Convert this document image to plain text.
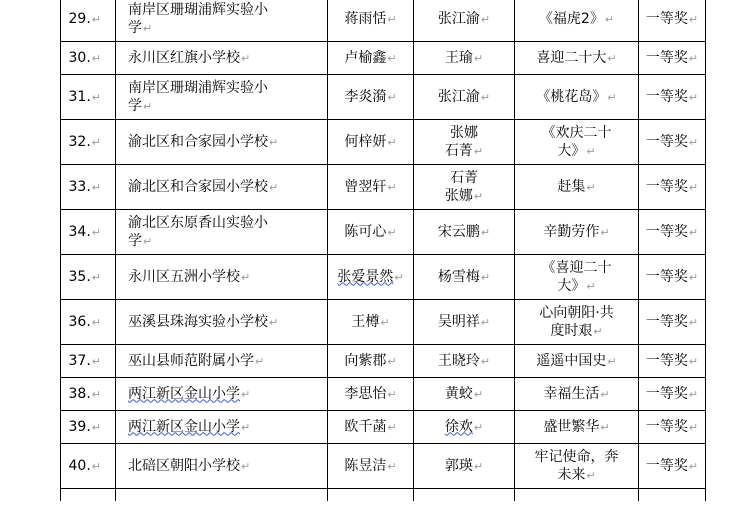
29.↵	南岸区珊瑚浦辉实验小
学↵	蒋雨恬↵	张江渝↵	《福虎2》↵	一等奖↵
30.↵	永川区红旗小学校↵	卢榆鑫↵	王瑜↵	喜迎二十大↵	一等奖↵
31.↵	南岸区珊瑚浦辉实验小
学↵	李炎漪↵	张江渝↵	《桃花岛》↵	一等奖↵
32.↵	渝北区和合家园小学校↵	何梓妍↵	张娜
石菁↵	《欢庆二十
大》↵	一等奖↵
33.↵	渝北区和合家园小学校↵	曾翌轩↵	石菁
张娜↵	赶集↵	一等奖↵
34.↵	渝北区东原香山实验小
学↵	陈可心↵	宋云鹏↵	辛勤劳作↵	一等奖↵
35.↵	永川区五洲小学校↵	张爱景然↵	杨雪梅↵	《喜迎二十
大》↵	一等奖↵
36.↵	巫溪县珠海实验小学校↵	王樽↵	吴明祥↵	心向朝阳·共
度时艰↵	一等奖↵
37.↵	巫山县师范附属小学↵	向紫郡↵	王晓玲↵	遥遥中国史↵	一等奖↵
38.↵	两江新区金山小学↵	李思怡↵	黄蛟↵	幸福生活↵	一等奖↵
39.↵	两江新区金山小学↵	欧千菡↵	徐欢↵	盛世繁华↵	一等奖↵
40.↵	北碚区朝阳小学校↵	陈昱洁↵	郭瑛↵	牢记使命，奔
未来↵	一等奖↵
